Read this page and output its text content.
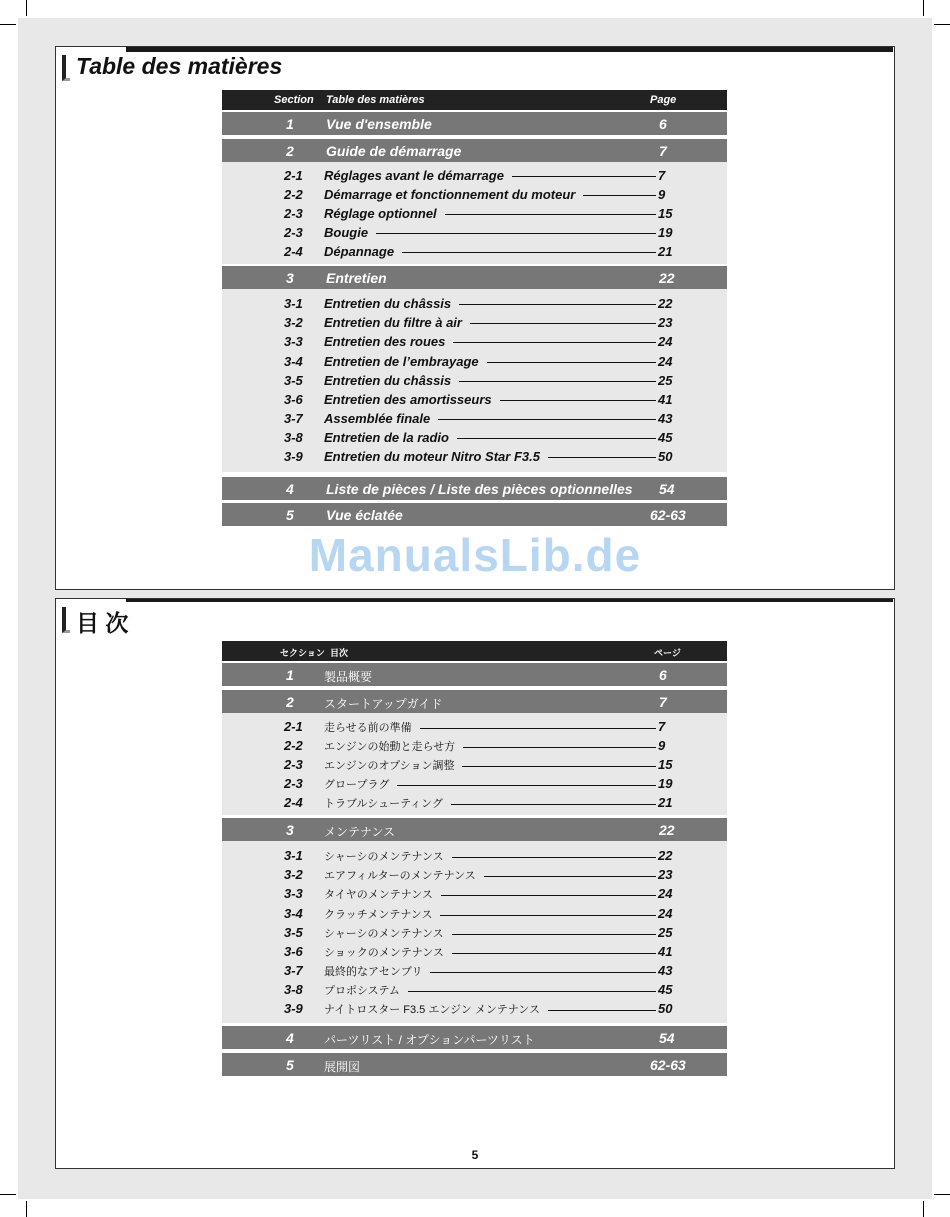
Table des matières
Section Table des matières	Page
1 Vue d'ensemble	6
2 Guide de démarrage	7
2-1 Réglages avant le démarrage	7
2-2 Démarrage et fonctionnement du moteur	9
2-3 Réglage optionnel	15
2-3 Bougie	19
2-4 Dépannage	21
3 Entretien	22
3-1 Entretien du châssis	22
3-2 Entretien du filtre à air	23
3-3 Entretien des roues	24
3-4 Entretien de l’embrayage	24
3-5 Entretien du châssis	25
3-6 Entretien des amortisseurs	41
3-7 Assemblée finale	43
3-8 Entretien de la radio	45
3-9 Entretien du moteur Nitro Star F3.5	50
4 Liste de pièces / Liste des pièces optionnelles 54
5 Vue éclatée	62-63
ManualsLib.de
目 次
セクション 目次	ページ
1	製品概要	6
2	スタートアップガイド	7
2-1 走らせる前の準備	7
2-2 エンジンの始動と走らせ方	9
2-3 エンジンのオプション調整	15
2-3 グロープラグ	19
2-4 トラブルシューティング	21
3	メンテナンス	22
3-1 シャーシのメンテナンス	22
3-2 エアフィルターのメンテナンス	23
3-3 タイヤのメンテナンス	24
3-4 クラッチメンテナンス	24
3-5 シャーシのメンテナンス	25
3-6 ショックのメンテナンス	41
3-7 最終的なアセンブリ	43
3-8 プロポシステム	45
3-9 ナイトロスター F3.5 エンジン メンテナンス	50
4	パーツリスト / オプションパーツリスト	54
5	展開図	62-63
5
